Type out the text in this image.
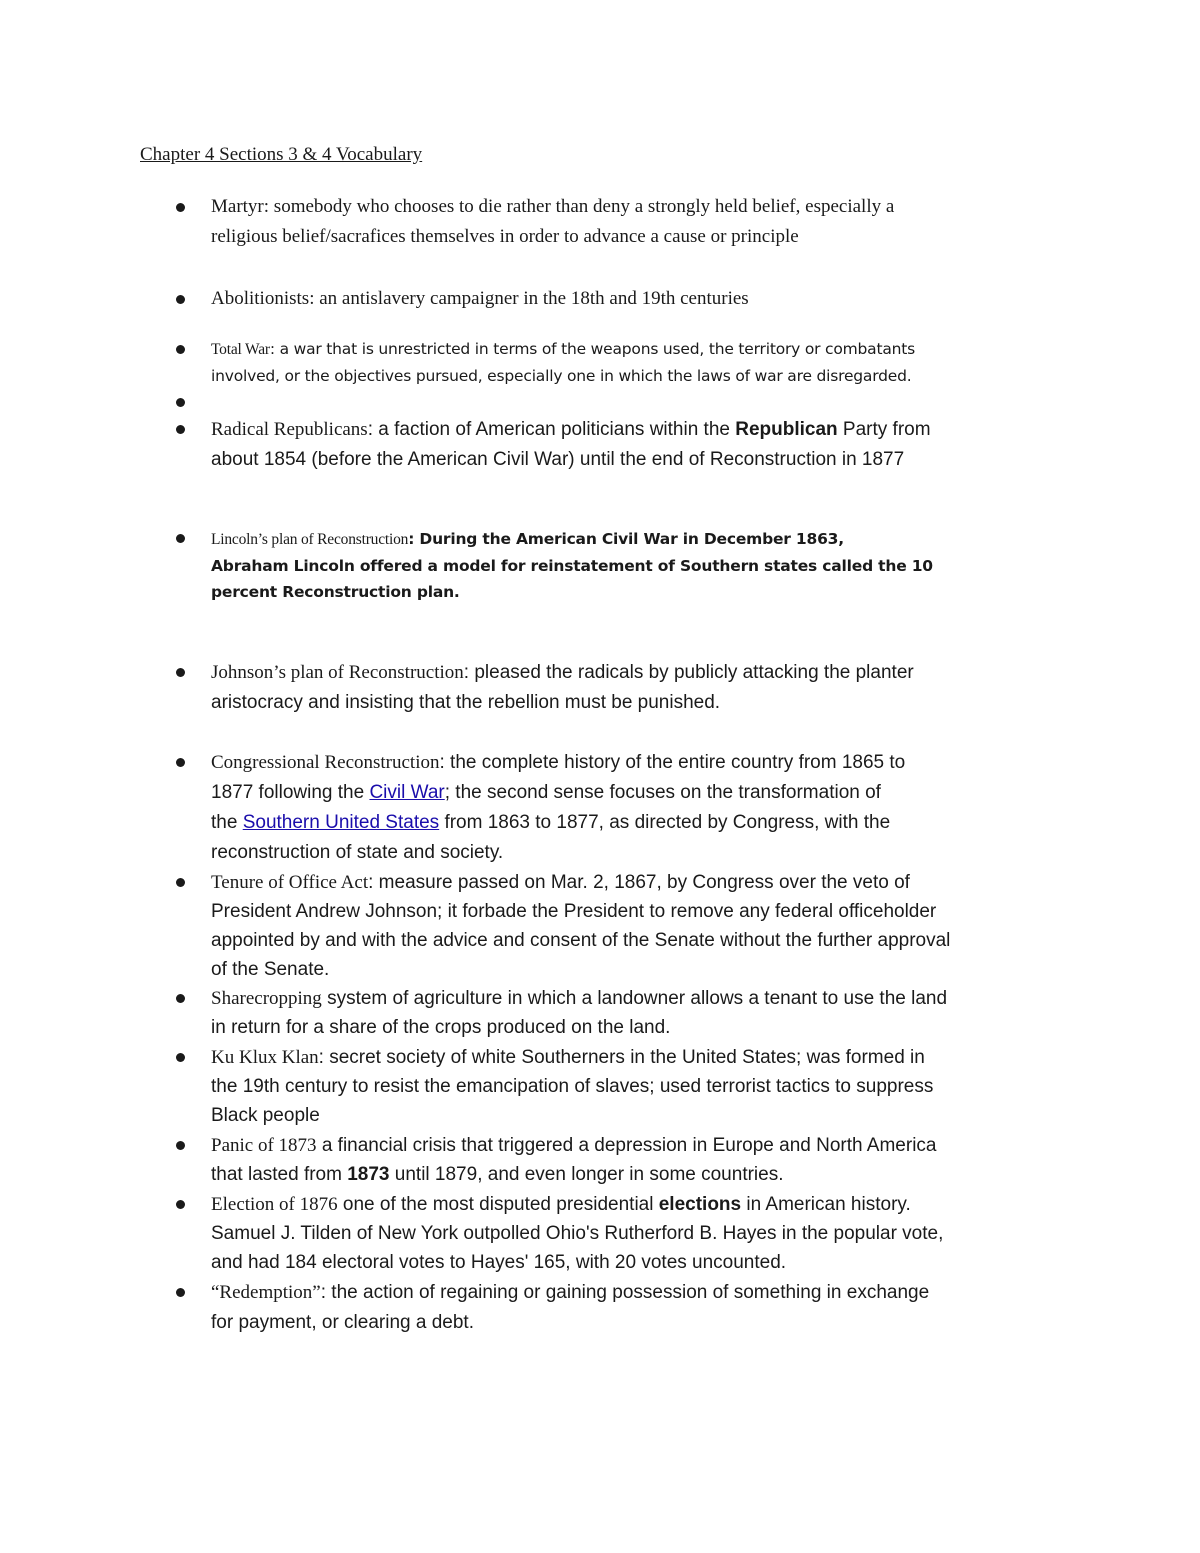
Chapter 4 Sections 3 & 4 Vocabulary
Martyr: somebody who chooses to die rather than deny a strongly held belief, especially a
religious belief/sacrafices themselves in order to advance a cause or principle
Abolitionists: an antislavery campaigner in the 18th and 19th centuries
Total War: a war that is unrestricted in terms of the weapons used, the territory or combatants
involved, or the objectives pursued, especially one in which the laws of war are disregarded.
Radical Republicans: a faction of American politicians within the Republican Party from
about 1854 (before the American Civil War) until the end of Reconstruction in 1877
Lincoln’s plan of Reconstruction: During the American Civil War in December 1863,
Abraham Lincoln offered a model for reinstatement of Southern states called the 10
percent Reconstruction plan.
Johnson’s plan of Reconstruction: pleased the radicals by publicly attacking the planter
aristocracy and insisting that the rebellion must be punished.
Congressional Reconstruction: the complete history of the entire country from 1865 to
1877 following the Civil War; the second sense focuses on the transformation of
the Southern United States from 1863 to 1877, as directed by Congress, with the
reconstruction of state and society.
Tenure of Office Act: measure passed on Mar. 2, 1867, by Congress over the veto of
President Andrew Johnson; it forbade the President to remove any federal officeholder
appointed by and with the advice and consent of the Senate without the further approval
of the Senate.
Sharecropping system of agriculture in which a landowner allows a tenant to use the land
in return for a share of the crops produced on the land.
Ku Klux Klan: secret society of white Southerners in the United States; was formed in
the 19th century to resist the emancipation of slaves; used terrorist tactics to suppress
Black people
Panic of 1873 a financial crisis that triggered a depression in Europe and North America
that lasted from 1873 until 1879, and even longer in some countries.
Election of 1876 one of the most disputed presidential elections in American history.
Samuel J. Tilden of New York outpolled Ohio's Rutherford B. Hayes in the popular vote,
and had 184 electoral votes to Hayes' 165, with 20 votes uncounted.
“Redemption”: the action of regaining or gaining possession of something in exchange
for payment, or clearing a debt.
